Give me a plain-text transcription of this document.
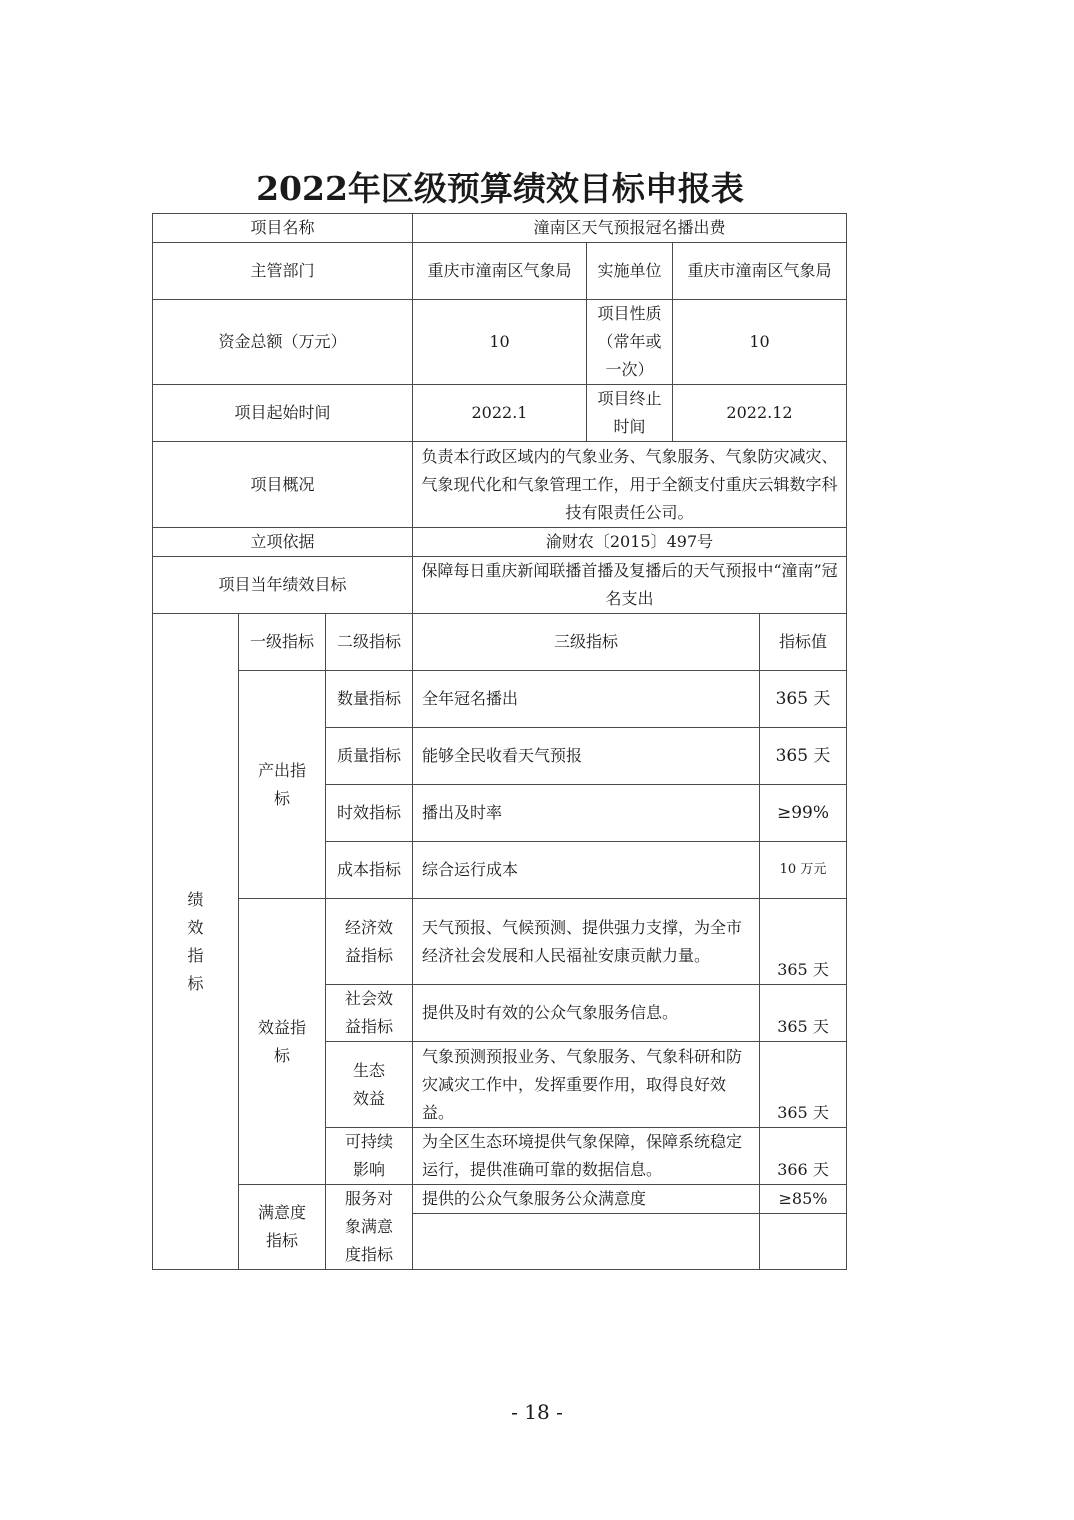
2022年区级预算绩效目标申报表
项目名称			潼南区天气预报冠名播出费			
主管部门			重庆市潼南区气象局	实施单位	重庆市潼南区气象局	
资金总额（万元）			10	项目性质（常年或一次）	10	
项目起始时间			2022.1	项目终止时间	2022.12	
项目概况			负责本行政区域内的气象业务、气象服务、气象防灾减灾、气象现代化和气象管理工作，用于全额支付重庆云辑数字科技有限责任公司。			
立项依据			渝财农〔2015〕497号			
项目当年绩效目标			保障每日重庆新闻联播首播及复播后的天气预报中“潼南”冠名支出			
绩效指标	一级指标	二级指标	三级指标			指标值
	产出指标	数量指标	全年冠名播出			365 天
		质量指标	能够全民收看天气预报			365 天
		时效指标	播出及时率			≥99%
		成本指标	综合运行成本			10 万元
	效益指标	经济效益指标	天气预报、气候预测、提供强力支撑，为全市经济社会发展和人民福祉安康贡献力量。			365 天
		社会效益指标	提供及时有效的公众气象服务信息。			365 天
		生态效益	气象预测预报业务、气象服务、气象科研和防灾减灾工作中，发挥重要作用，取得良好效益。			365 天
		可持续影响	为全区生态环境提供气象保障，保障系统稳定运行，提供准确可靠的数据信息。			366 天
	满意度指标	服务对象满意度指标	提供的公众气象服务公众满意度			≥85%

- 18 -
